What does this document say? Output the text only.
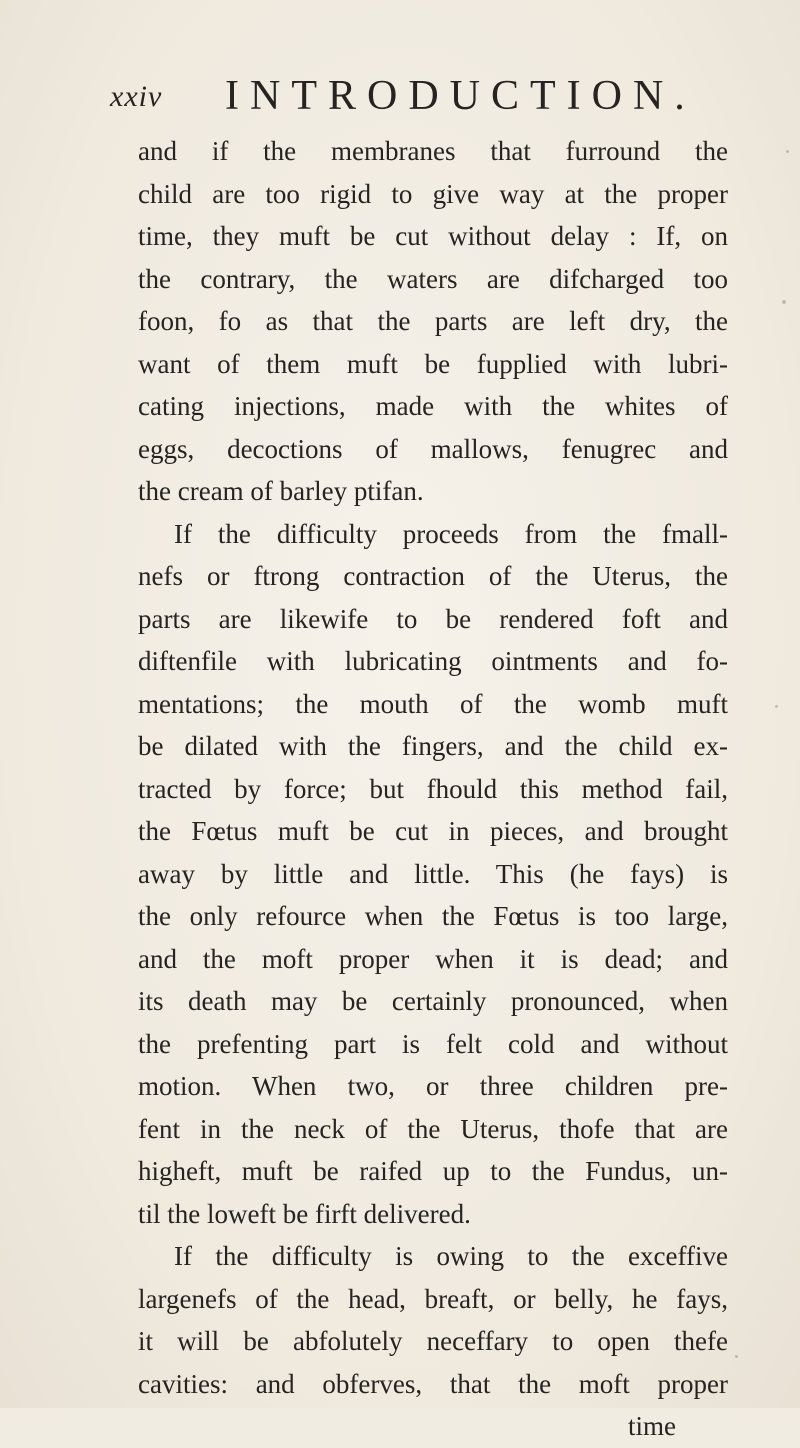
xxiv INTRODUCTION.
and if the membranes that furround the
child are too rigid to give way at the proper
time, they muft be cut without delay : If, on
the contrary, the waters are difcharged too
foon, fo as that the parts are left dry, the
want of them muft be fupplied with lubri-
cating injections, made with the whites of
eggs, decoctions of mallows, fenugrec and
the cream of barley ptifan.
If the difficulty proceeds from the fmall-
nefs or ftrong contraction of the Uterus, the
parts are likewife to be rendered foft and
diftenfile with lubricating ointments and fo-
mentations; the mouth of the womb muft
be dilated with the fingers, and the child ex-
tracted by force; but fhould this method fail,
the Fœtus muft be cut in pieces, and brought
away by little and little. This (he fays) is
the only refource when the Fœtus is too large,
and the moft proper when it is dead; and
its death may be certainly pronounced, when
the prefenting part is felt cold and without
motion. When two, or three children pre-
fent in the neck of the Uterus, thofe that are
higheft, muft be raifed up to the Fundus, un-
til the loweft be firft delivered.
If the difficulty is owing to the exceffive
largenefs of the head, breaft, or belly, he fays,
it will be abfolutely neceffary to open thefe
cavities: and obferves, that the moft proper
time
